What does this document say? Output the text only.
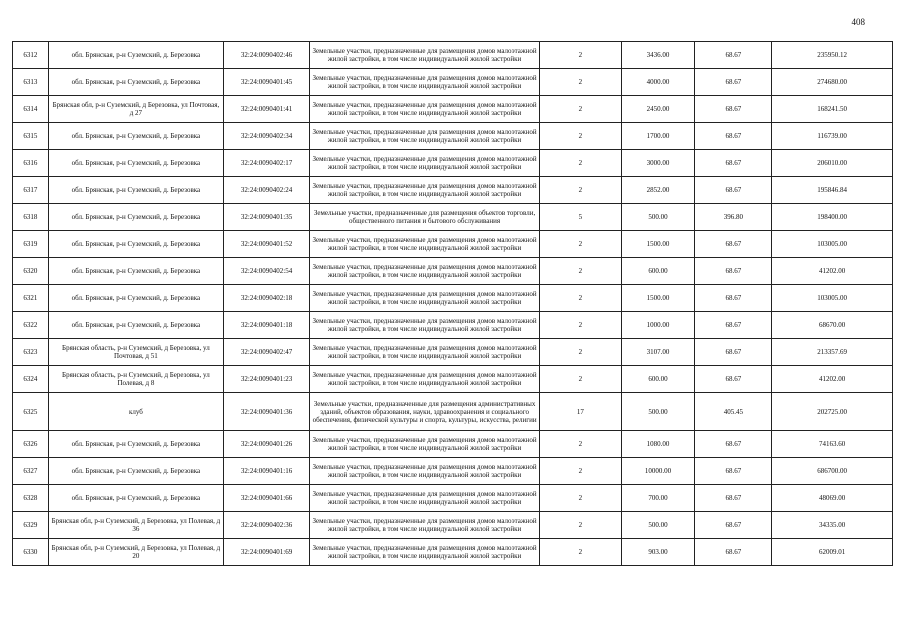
408
6312	обл. Брянская, р-н Суземский, д. Березовка	32:24:0090402:46	Земельные участки, предназначенные для размещения домов малоэтажной жилой застройки, в том числе индивидуальной жилой застройки	2	3436.00	68.67	235950.12
6313	обл. Брянская, р-н Суземский, д. Березовка	32:24:0090401:45	Земельные участки, предназначенные для размещения домов малоэтажной жилой застройки, в том числе индивидуальной жилой застройки	2	4000.00	68.67	274680.00
6314	Брянская обл, р-н Суземский, д Березовка, ул Почтовая, д 27	32:24:0090401:41	Земельные участки, предназначенные для размещения домов малоэтажной жилой застройки, в том числе индивидуальной жилой застройки	2	2450.00	68.67	168241.50
6315	обл. Брянская, р-н Суземский, д. Березовка	32:24:0090402:34	Земельные участки, предназначенные для размещения домов малоэтажной жилой застройки, в том числе индивидуальной жилой застройки	2	1700.00	68.67	116739.00
6316	обл. Брянская, р-н Суземский, д. Березовка	32:24:0090402:17	Земельные участки, предназначенные для размещения домов малоэтажной жилой застройки, в том числе индивидуальной жилой застройки	2	3000.00	68.67	206010.00
6317	обл. Брянская, р-н Суземский, д. Березовка	32:24:0090402:24	Земельные участки, предназначенные для размещения домов малоэтажной жилой застройки, в том числе индивидуальной жилой застройки	2	2852.00	68.67	195846.84
6318	обл. Брянская, р-н Суземский, д. Березовка	32:24:0090401:35	Земельные участки, предназначенные для размещения объектов торговли, общественного питания и бытового обслуживания	5	500.00	396.80	198400.00
6319	обл. Брянская, р-н Суземский, д. Березовка	32:24:0090401:52	Земельные участки, предназначенные для размещения домов малоэтажной жилой застройки, в том числе индивидуальной жилой застройки	2	1500.00	68.67	103005.00
6320	обл. Брянская, р-н Суземский, д. Березовка	32:24:0090402:54	Земельные участки, предназначенные для размещения домов малоэтажной жилой застройки, в том числе индивидуальной жилой застройки	2	600.00	68.67	41202.00
6321	обл. Брянская, р-н Суземский, д. Березовка	32:24:0090402:18	Земельные участки, предназначенные для размещения домов малоэтажной жилой застройки, в том числе индивидуальной жилой застройки	2	1500.00	68.67	103005.00
6322	обл. Брянская, р-н Суземский, д. Березовка	32:24:0090401:18	Земельные участки, предназначенные для размещения домов малоэтажной жилой застройки, в том числе индивидуальной жилой застройки	2	1000.00	68.67	68670.00
6323	Брянская область, р-н Суземский, д Березовка, ул Почтовая, д 51	32:24:0090402:47	Земельные участки, предназначенные для размещения домов малоэтажной жилой застройки, в том числе индивидуальной жилой застройки	2	3107.00	68.67	213357.69
6324	Брянская область, р-н Суземский, д Березовка, ул Полевая, д 8	32:24:0090401:23	Земельные участки, предназначенные для размещения домов малоэтажной жилой застройки, в том числе индивидуальной жилой застройки	2	600.00	68.67	41202.00
6325	клуб	32:24:0090401:36	Земельные участки, предназначенные для размещения административных зданий, объектов образования, науки, здравоохранения и социального обеспечения, физической культуры и спорта, культуры, искусства, религии	17	500.00	405.45	202725.00
6326	обл. Брянская, р-н Суземский, д. Березовка	32:24:0090401:26	Земельные участки, предназначенные для размещения домов малоэтажной жилой застройки, в том числе индивидуальной жилой застройки	2	1080.00	68.67	74163.60
6327	обл. Брянская, р-н Суземский, д. Березовка	32:24:0090401:16	Земельные участки, предназначенные для размещения домов малоэтажной жилой застройки, в том числе индивидуальной жилой застройки	2	10000.00	68.67	686700.00
6328	обл. Брянская, р-н Суземский, д. Березовка	32:24:0090401:66	Земельные участки, предназначенные для размещения домов малоэтажной жилой застройки, в том числе индивидуальной жилой застройки	2	700.00	68.67	48069.00
6329	Брянская обл, р-н Суземский, д Березовка, ул Полевая, д 36	32:24:0090402:36	Земельные участки, предназначенные для размещения домов малоэтажной жилой застройки, в том числе индивидуальной жилой застройки	2	500.00	68.67	34335.00
6330	Брянская обл, р-н Суземский, д Березовка, ул Полевая, д 20	32:24:0090401:69	Земельные участки, предназначенные для размещения домов малоэтажной жилой застройки, в том числе индивидуальной жилой застройки	2	903.00	68.67	62009.01
